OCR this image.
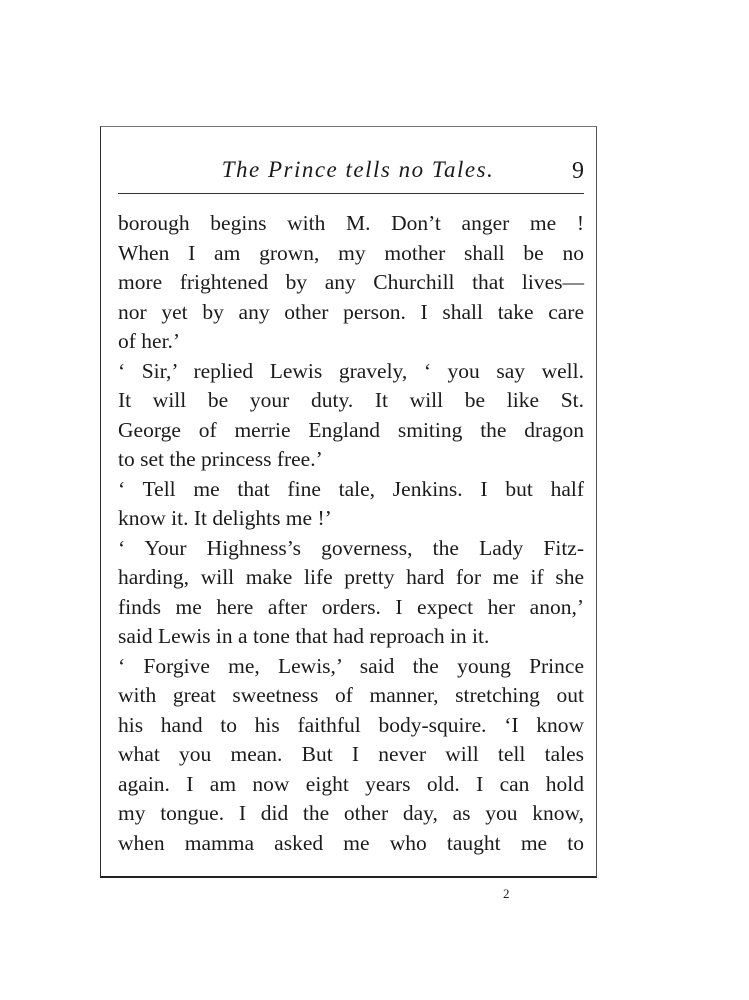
The Prince tells no Tales.	9
borough begins with M. Don’t anger me !
When I am grown, my mother shall be no
more frightened by any Churchill that lives—
nor yet by any other person. I shall take care
of her.’
‘ Sir,’ replied Lewis gravely, ‘ you say well.
It will be your duty. It will be like St.
George of merrie England smiting the dragon
to set the princess free.’
‘ Tell me that fine tale, Jenkins. I but half
know it. It delights me !’
‘ Your Highness’s governess, the Lady Fitz-
harding, will make life pretty hard for me if she
finds me here after orders. I expect her anon,’
said Lewis in a tone that had reproach in it.
‘ Forgive me, Lewis,’ said the young Prince
with great sweetness of manner, stretching out
his hand to his faithful body-squire. ‘I know
what you mean. But I never will tell tales
again. I am now eight years old. I can hold
my tongue. I did the other day, as you know,
when mamma asked me who taught me to
2
